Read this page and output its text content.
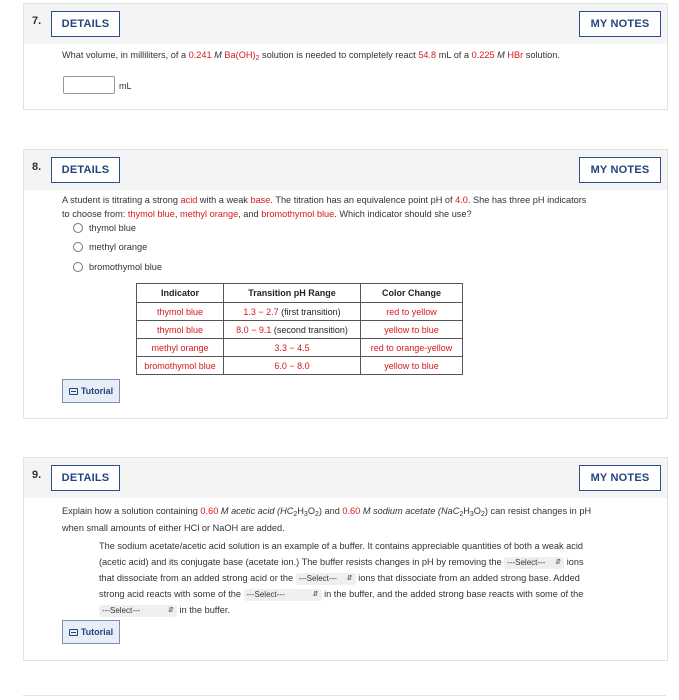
7.	DETAILS	MY NOTES
What volume, in milliliters, of a 0.241 M $Ba(OH)_2$ solution is needed to completely react 54.8 mL of a 0.225 M HBr solution.
mL
8.	DETAILS	MY NOTES
A student is titrating a strong acid with a weak base. The titration has an equivalence point pH of 4.0. She has three pH indicators
to choose from: thymol blue, methyl orange, and bromothymol blue. Which indicator should she use?
thymol blue
methyl orange
bromothymol blue
Indicator	Transition pH Range	Color Change
thymol blue	1.3 − 2.7 (first transition)	red to yellow
thymol blue	8.0 − 9.1 (second transition)	yellow to blue
methyl orange	3.3 − 4.5	red to orange-yellow
bromothymol blue	6.0 − 8.0	yellow to blue
Tutorial
9.	DETAILS	MY NOTES
Explain how a solution containing 0.60 M acetic acid $(HC_2H_3O_2)$ and 0.60 M sodium acetate $(NaC_2H_3O_2)$ can resist changes in pH
when small amounts of either HCl or NaOH are added.
The sodium acetate/acetic acid solution is an example of a buffer. It contains appreciable quantities of both a weak acid
(acetic acid) and its conjugate base (acetate ion.) The buffer resists changes in pH by removing the ---Select--- ⇵ ions
that dissociate from an added strong acid or the ---Select--- ⇵ ions that dissociate from an added strong base. Added
strong acid reacts with some of the ---Select---	⇵ in the buffer, and the added strong base reacts with some of the

---Select---	⇵ in the buffer.
Tutorial
